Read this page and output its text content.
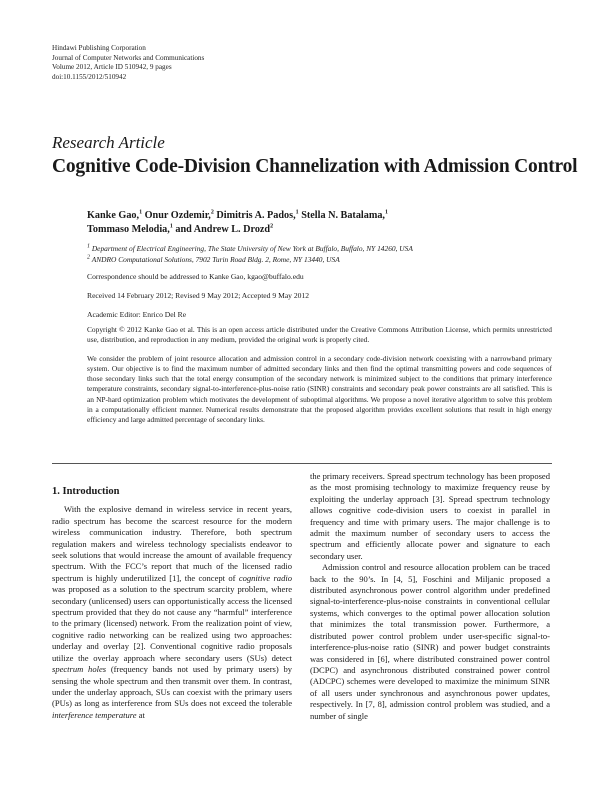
Hindawi Publishing Corporation
Journal of Computer Networks and Communications
Volume 2012, Article ID 510942, 9 pages
doi:10.1155/2012/510942
Research Article
Cognitive Code-Division Channelization with Admission Control
Kanke Gao,$^1$ Onur Ozdemir,$^2$ Dimitris A. Pados,$^1$ Stella N. Batalama,$^1$
Tommaso Melodia,$^1$ and Andrew L. Drozd$^2$
$^1$ Department of Electrical Engineering, The State University of New York at Buffalo, Buffalo, NY 14260, USA
$^2$ ANDRO Computational Solutions, 7902 Turin Road Bldg. 2, Rome, NY 13440, USA
Correspondence should be addressed to Kanke Gao, kgao@buffalo.edu
Received 14 February 2012; Revised 9 May 2012; Accepted 9 May 2012
Academic Editor: Enrico Del Re
Copyright © 2012 Kanke Gao et al. This is an open access article distributed under the Creative Commons Attribution License, which permits unrestricted use, distribution, and reproduction in any medium, provided the original work is properly cited.
We consider the problem of joint resource allocation and admission control in a secondary code-division network coexisting with a narrowband primary system. Our objective is to find the maximum number of admitted secondary links and then find the optimal transmitting powers and code sequences of those secondary links such that the total energy consumption of the secondary network is minimized subject to the conditions that primary interference temperature constraints, secondary signal-to-interference-plus-noise ratio (SINR) constraints and secondary peak power constraints are all satisfied. This is an NP-hard optimization problem which motivates the development of suboptimal algorithms. We propose a novel iterative algorithm to solve this problem in a computationally efficient manner. Numerical results demonstrate that the proposed algorithm provides excellent solutions that result in high energy efficiency and large admitted percentage of secondary links.
1. Introduction

With the explosive demand in wireless service in recent years, radio spectrum has become the scarcest resource for the modern wireless communication industry. Therefore, both spectrum regulation makers and wireless technology specialists endeavor to seek solutions that would increase the amount of available frequency spectrum. With the FCC’s report that much of the licensed radio spectrum is highly underutilized [1], the concept of cognitive radio was proposed as a solution to the spectrum scarcity problem, where secondary (unlicensed) users can opportunistically access the licensed spectrum provided that they do not cause any “harmful” interference to the primary (licensed) network. From the realization point of view, cognitive radio networking can be realized using two approaches: underlay and overlay [2]. Conventional cognitive radio proposals utilize the overlay approach where secondary users (SUs) detect spectrum holes (frequency bands not used by primary users) by sensing the whole spectrum and then transmit over them. In contrast, under the underlay approach, SUs can coexist with the primary users (PUs) as long as interference from SUs does not exceed the tolerable interference temperature at

the primary receivers. Spread spectrum technology has been proposed as the most promising technology to maximize frequency reuse by exploiting the underlay approach [3]. Spread spectrum technology allows cognitive code-division users to coexist in parallel in frequency and time with primary users. The major challenge is to admit the maximum number of secondary users to access the spectrum and efficiently allocate power and signature to each secondary user.

Admission control and resource allocation problem can be traced back to the 90’s. In [4, 5], Foschini and Miljanic proposed a distributed asynchronous power control algorithm under predefined signal-to-interference-plus-noise constraints in conventional cellular systems, which converges to the optimal power allocation solution that minimizes the total transmission power. Furthermore, a distributed power control problem under user-specific signal-to-interference-plus-noise ratio (SINR) and power budget constraints was considered in [6], where distributed constrained power control (DCPC) and asynchronous distributed constrained power control (ADCPC) schemes were developed to maximize the minimum SINR of all users under synchronous and asynchronous power updates, respectively. In [7, 8], admission control problem was studied, and a number of single
